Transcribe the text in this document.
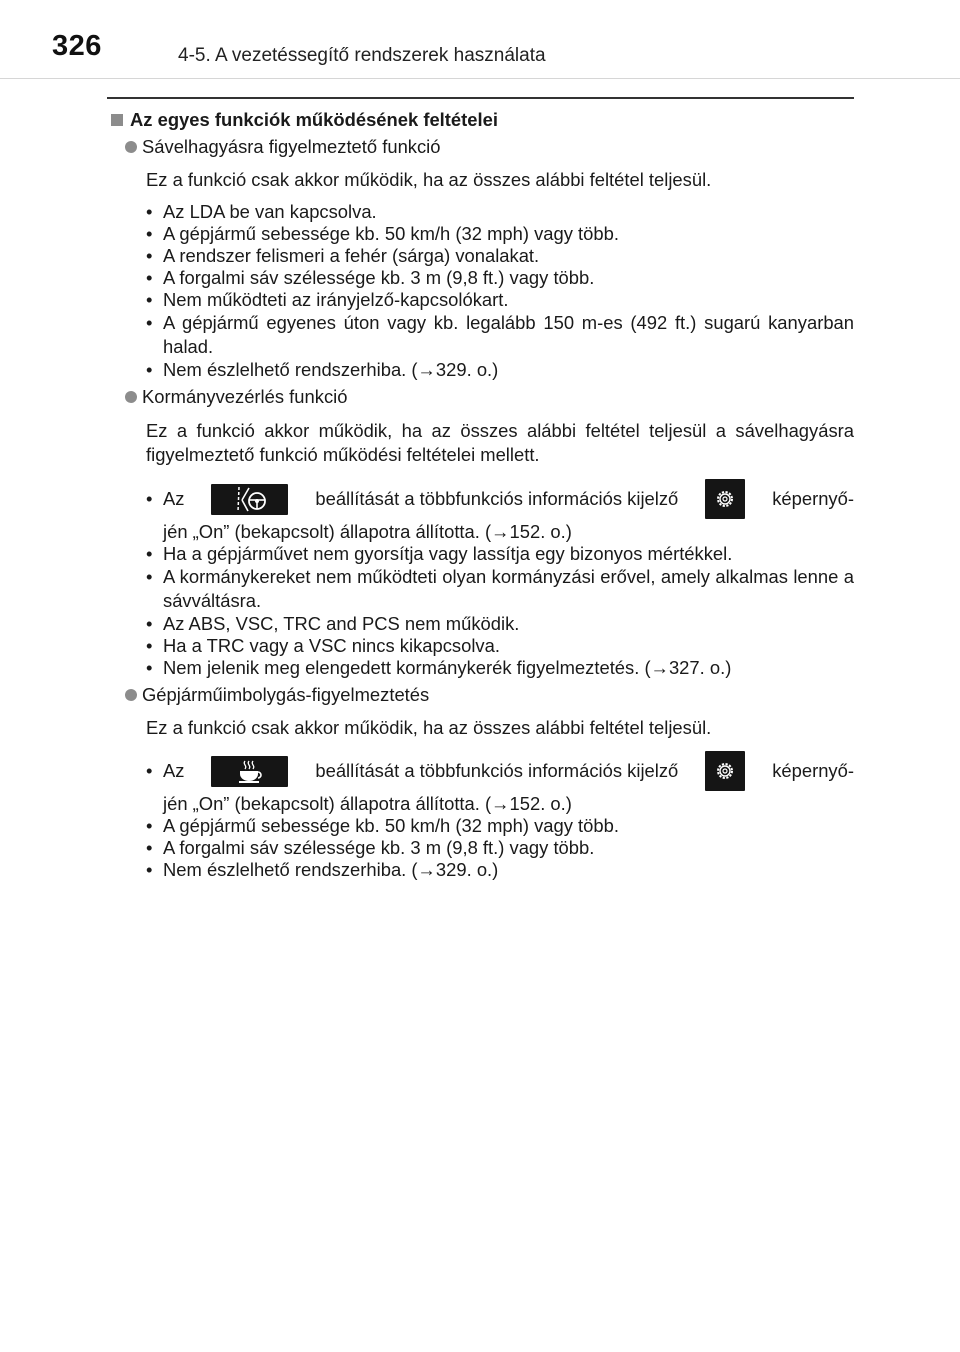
326	4-5. A vezetéssegítő rendszerek használata
Az egyes funkciók működésének feltételei
Sávelhagyásra figyelmeztető funkció
Ez a funkció csak akkor működik, ha az összes alábbi feltétel teljesül.
• Az LDA be van kapcsolva.
• A gépjármű sebessége kb. 50 km/h (32 mph) vagy több.
• A rendszer felismeri a fehér (sárga) vonalakat.
• A forgalmi sáv szélessége kb. 3 m (9,8 ft.) vagy több.
• Nem működteti az irányjelző-kapcsolókart.
• A gépjármű egyenes úton vagy kb. legalább 150 m-es (492 ft.) sugarú kanyarban halad.
• Nem észlelhető rendszerhiba. (→329. o.)
Kormányvezérlés funkció
Ez a funkció akkor működik, ha az összes alábbi feltétel teljesül a sávelhagyásra figyelmeztető funkció működési feltételei mellett.
• Az	beállítását a többfunkciós információs kijelző	képernyő-
jén „On” (bekapcsolt) állapotra állította. (→152. o.)
• Ha a gépjárművet nem gyorsítja vagy lassítja egy bizonyos mértékkel.
• A kormánykereket nem működteti olyan kormányzási erővel, amely alkalmas lenne a sávváltásra.
• Az ABS, VSC, TRC and PCS nem működik.
• Ha a TRC vagy a VSC nincs kikapcsolva.
• Nem jelenik meg elengedett kormánykerék figyelmeztetés. (→327. o.)
Gépjárműimbolygás-figyelmeztetés
Ez a funkció csak akkor működik, ha az összes alábbi feltétel teljesül.
• Az	beállítását a többfunkciós információs kijelző	képernyő-
jén „On” (bekapcsolt) állapotra állította. (→152. o.)
• A gépjármű sebessége kb. 50 km/h (32 mph) vagy több.
• A forgalmi sáv szélessége kb. 3 m (9,8 ft.) vagy több.
• Nem észlelhető rendszerhiba. (→329. o.)
